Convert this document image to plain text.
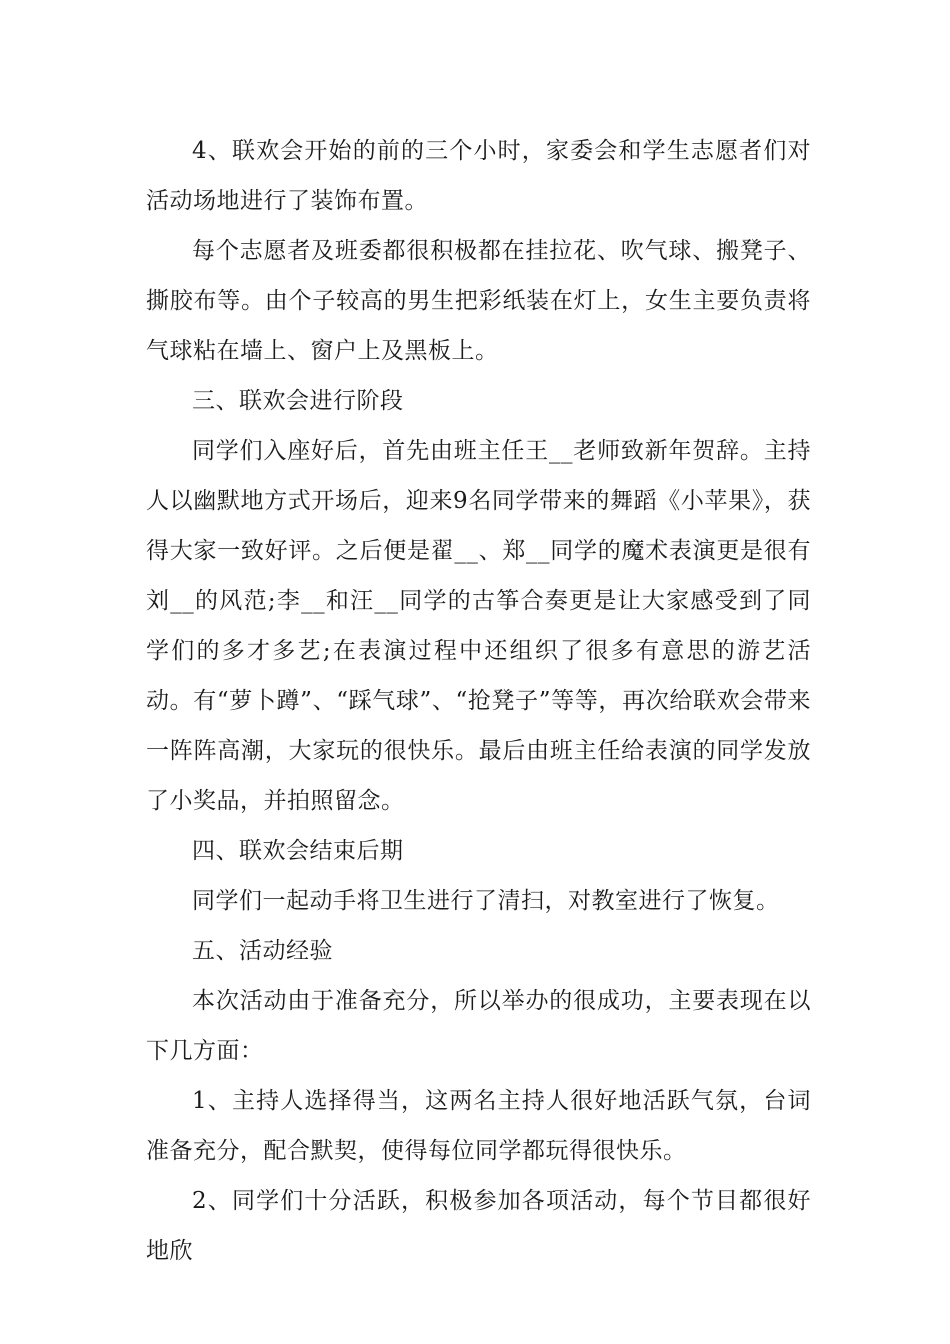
4、联欢会开始的前的三个小时，家委会和学生志愿者们对活动场地进行了装饰布置。

每个志愿者及班委都很积极都在挂拉花、吹气球、搬凳子、撕胶布等。由个子较高的男生把彩纸装在灯上，女生主要负责将气球粘在墙上、窗户上及黑板上。

三、联欢会进行阶段

同学们入座好后，首先由班主任王__老师致新年贺辞。主持人以幽默地方式开场后，迎来9名同学带来的舞蹈《小苹果》，获得大家一致好评。之后便是翟__、郑__同学的魔术表演更是很有刘__的风范;李__和汪__同学的古筝合奏更是让大家感受到了同学们的多才多艺;在表演过程中还组织了很多有意思的游艺活动。有“萝卜蹲”、“踩气球”、“抢凳子”等等，再次给联欢会带来一阵阵高潮，大家玩的很快乐。最后由班主任给表演的同学发放了小奖品，并拍照留念。

四、联欢会结束后期

同学们一起动手将卫生进行了清扫，对教室进行了恢复。

五、活动经验

本次活动由于准备充分，所以举办的很成功，主要表现在以下几方面：

1、主持人选择得当，这两名主持人很好地活跃气氛，台词准备充分，配合默契，使得每位同学都玩得很快乐。

2、同学们十分活跃，积极参加各项活动，每个节目都很好地欣
